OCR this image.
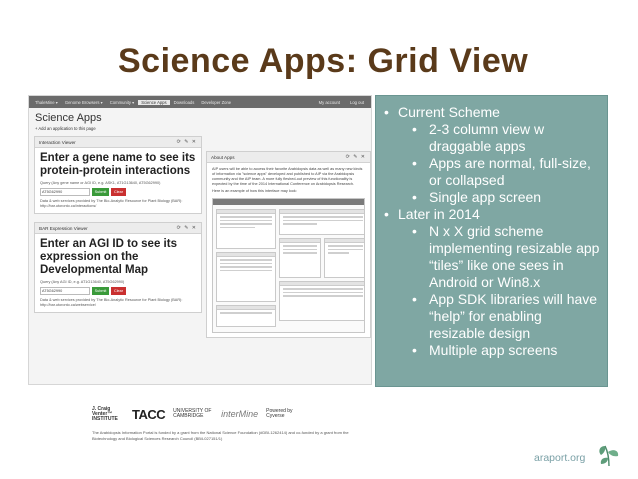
Science Apps: Grid View
ThaleMine ▾	Genome Browsers ▾	Community ▾	Science Apps	Downloads	Developer Zone	My account	Log out
Science Apps
+ Add an application to this page
Interaction Viewer	⟳ ✎ ✕
Enter a gene name to see its protein-protein interactions
Query (Any gene name or AGI ID, e.g. ASK1, AT1G13640, AT5G62990)
AT5G62990	Submit	Clear
Data & web services provided by The Bio-Analytic Resource for Plant Biology (BAR): http://bar.utoronto.ca/interactions/
BAR Expression Viewer	⟳ ✎ ✕
Enter an AGI ID to see its expression on the Developmental Map
Query (Any AGI ID, e.g. AT1G13640, AT5G62990)
AT5G62990	Submit	Clear
Data & web services provided by The Bio-Analytic Resource for Plant Biology (BAR): http://bar.utoronto.ca/webservice/
About Apps	⟳ ✎ ✕
AIP users will be able to access their favorite Arabidopsis data as well as many new kinds of information via "science apps" developed and published to AIP via the Arabidopsis community and the AIP team. A more fully fleshed-out preview of this functionality is expected by the time of the 2014 International Conference on Arabidopsis Research.
Here is an example of how this interface may look:
• Current Scheme
• 2-3 column view w draggable apps
• Apps are normal, full-size, or collapsed
• Single app screen
• Later in 2014
• N x X grid scheme implementing resizable app “tiles” like one sees in Android or Win8.x
• App SDK libraries will have “help” for enabling resizable design
• Multiple app screens
J. Craig Venter™ INSTITUTE	TACC UNIVERSITY OF CAMBRIDGE	interMine Powered by Cyverse
The Arabidopsis Information Portal is funded by a grant from the National Science Foundation (#DBI-1262414) and co-funded by a grant from the Biotechnology and Biological Sciences Research Council (BB/L027151/1)
araport.org
